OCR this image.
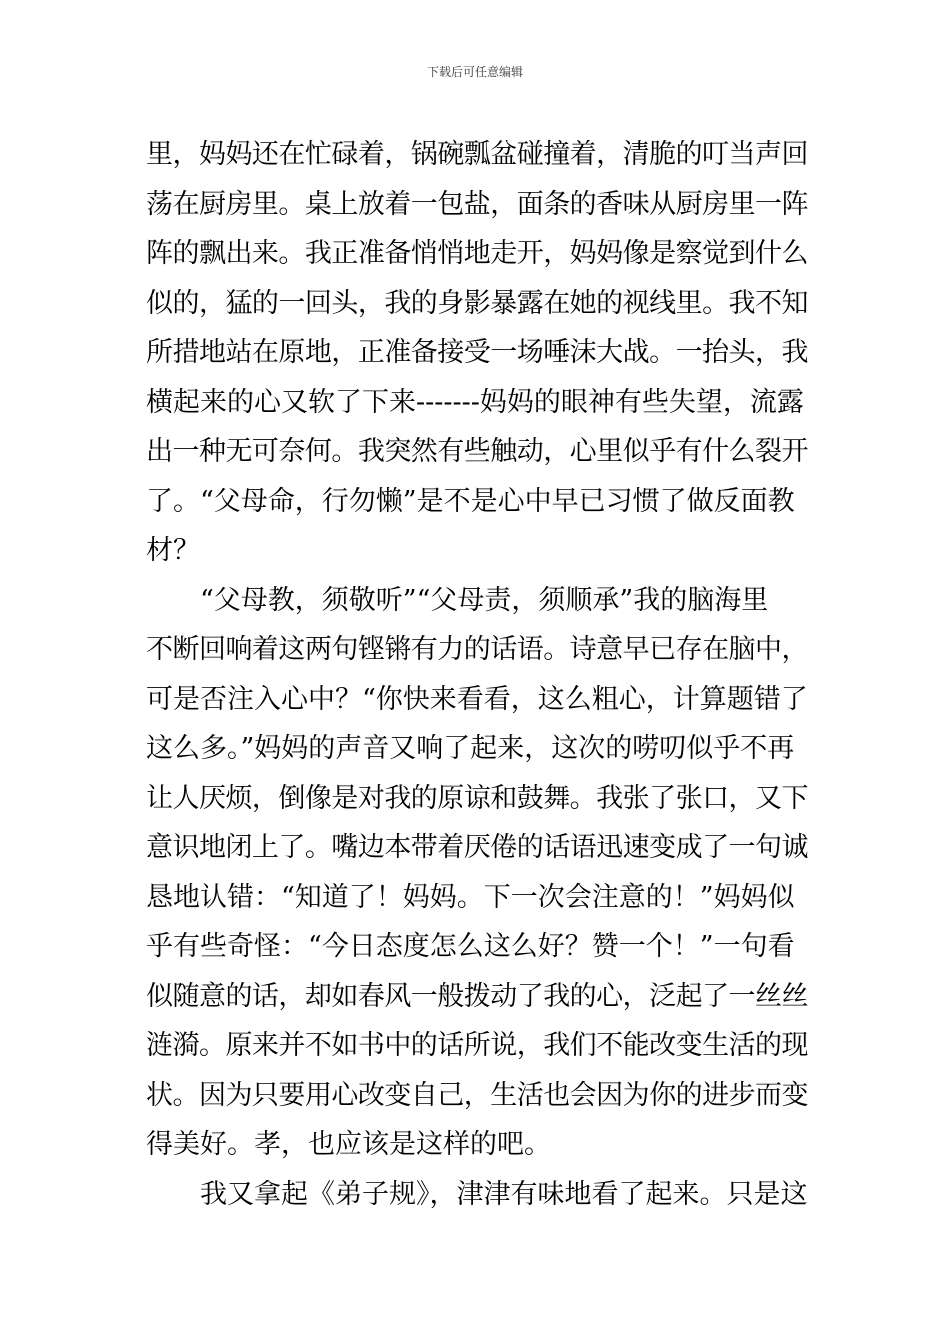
下载后可任意编辑
里，妈妈还在忙碌着，锅碗瓢盆碰撞着，清脆的叮当声回
荡在厨房里。桌上放着一包盐，面条的香味从厨房里一阵
阵的飘出来。我正准备悄悄地走开，妈妈像是察觉到什么
似的，猛的一回头，我的身影暴露在她的视线里。我不知
所措地站在原地，正准备接受一场唾沫大战。一抬头，我
横起来的心又软了下来-------妈妈的眼神有些失望，流露
出一种无可奈何。我突然有些触动，心里似乎有什么裂开
了。“父母命，行勿懒”是不是心中早已习惯了做反面教
材？
“父母教，须敬听”“父母责，须顺承”我的脑海里
不断回响着这两句铿锵有力的话语。诗意早已存在脑中，
可是否注入心中？“你快来看看，这么粗心，计算题错了
这么多。”妈妈的声音又响了起来，这次的唠叨似乎不再
让人厌烦，倒像是对我的原谅和鼓舞。我张了张口，又下
意识地闭上了。嘴边本带着厌倦的话语迅速变成了一句诚
恳地认错：“知道了！妈妈。下一次会注意的！”妈妈似
乎有些奇怪：“今日态度怎么这么好？赞一个！”一句看
似随意的话，却如春风一般拨动了我的心，泛起了一丝丝
涟漪。原来并不如书中的话所说，我们不能改变生活的现
状。因为只要用心改变自己，生活也会因为你的进步而变
得美好。孝，也应该是这样的吧。
我又拿起《弟子规》，津津有味地看了起来。只是这
